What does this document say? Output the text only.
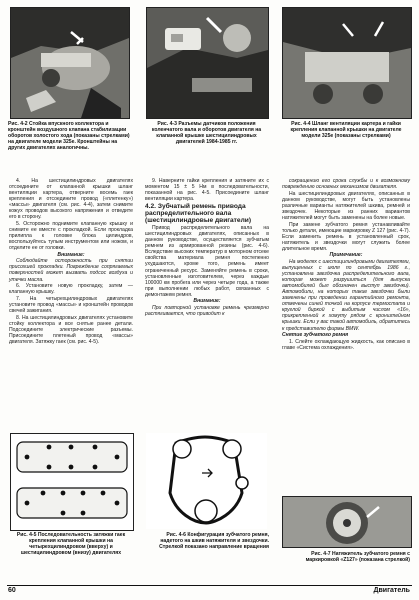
Рис. 4-2 Стойка впускного коллектора и кронштейн воздушного клапана стабилизации оборотов холостого хода (показаны стрелками) на двигателе модели 325е. Кронштейны на других двигателях аналогичны.
Рис. 4-3 Разъемы датчиков положения коленчатого вала и оборотов двигателя на клапанной крышке шестицилиндровых двигателей 1984-1985 гг.
Рис. 4-4 Шланг вентиляции картера и гайки крепления клапанной крышки на двигателе модели 325е (показаны стрелками)

4. На шестицилиндровых двигателях отсоедините от клапанной крышки шланг вентиляции картера, отверните восемь гаек крепления и отсоедините провод («плетенку») «массы» двигателя (см. рис. 4-4), затем снимите кожух проводов высокого напряжения и отведите его в сторону.

5. Осторожно поднимите клапанную крышку и снимите ее вместе с прокладкой. Если прокладка прилипла к головке блока цилиндров, воспользуйтесь тупым инструментом или ножом, и отделите ее от головки.

Внимание:

Соблюдайте осторожность при снятии присохшей прокладки. Повреждение сопрягаемых поверхностей может вызвать подсос воздуха и утечки масла.

6. Установите новую прокладку, затем — клапанную крышку.

7. На четырехцилиндровых двигателях установите провод «массы» и кронштейн проводов свечей зажигания.

8. На шестицилиндровых двигателях установите стойку коллектора и все снятые ранее детали. Подсоедините электрические разъемы. Присоедините плетеный провод «массы» двигателя. Затяжку гаек (см. рис. 4-5).

9. Наверните гайки крепления и затяните их с моментом 15 ± 5 Нм в последовательности, показанной на рис. 4-5. Присоедините шланг вентиляции картера.

4.2. Зубчатый ремень привода распределительного вала (шестицилиндровые двигатели)

Привод распределительного вала на шестицилиндровых двигателях, описанных в данном руководстве, осуществляется зубчатым ремнем из армированной резины (рис. 4-6). Вследствие высоких температур в моторном отсеке свойства материала ремня постепенно ухудшаются, кроме того, ремень имеет ограниченный ресурс. Заменяйте ремень в сроки, установленные изготовителем, через каждые 100000 км пробега или через четыре года, а также при выполнении любых работ, связанных с демонтажем ремня.

Внимание:

При повторной установке ремень чрезмерно растягивается, что приводит к

сокращению его срока службы и к возможному повреждению основных механизмов двигателя.

На шестицилиндровых двигателях, описанных в данном руководстве, могут быть установлены различные варианты натяжителей шкива, ремней и звездочек. Некоторые из ранних вариантов натяжителей могут быть заменены на более новые.

При замене зубчатого ремня устанавливайте только детали, имеющие маркировку Z 127 (рис. 4-7). Если заменить ремень в установленный срок, натяжитель и звездочки могут служить более длительное время.

Примечание:

На моделях с шестицилиндровыми двигателями, выпущенных с июля по сентябрь 1986 г., установлена звездочка распределительного вала, которая может разрушиться (для выпуска автомобилей был обозначен выступ звездочки). Автомобили, на которых такие звездочки были заменены при проведении гарантийного ремонта, отмечены синей точкой на корпусе термостата и круглой биркой с выбитым числом «16», прикрепленной к хомуту рядом с кронштейном крышки. Если у вас такой автомобиль, обратитесь к представителю фирмы BMW.

Снятие зубчатого ремня

1. Слейте охлаждающую жидкость, как описано в главе «Система охлаждения».

Рис. 4-5 Последовательность затяжки гаек крепления клапанной крышки на четырехцилиндровом (вверху) и шестицилиндровом (внизу) двигателях
Рис. 4-6 Конфигурация зубчатого ремня, надетого на шкив натяжителя и звездочки. Стрелкой показано направление вращения
Рис. 4-7 Натяжитель зубчатого ремня с маркировкой «Z127» (показана стрелкой)
60	Двигатель
